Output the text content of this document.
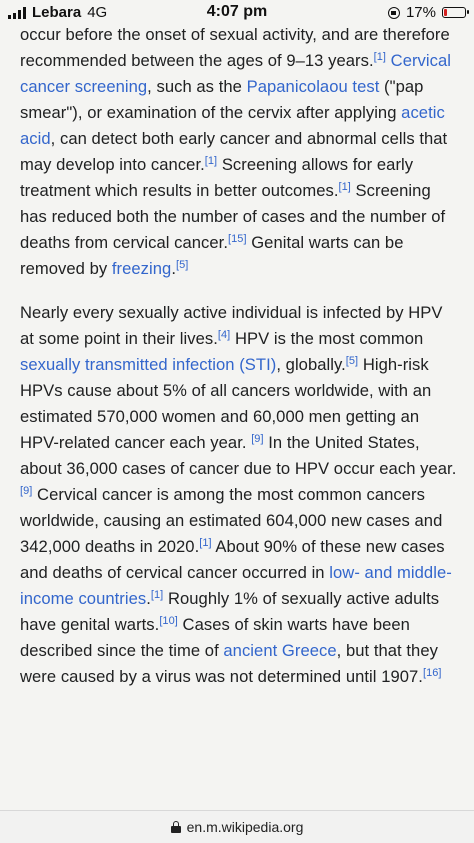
Lebara 4G	4:07 pm	17%

occur before the onset of sexual activity, and are therefore recommended between the ages of 9–13 years.[1] Cervical cancer screening, such as the Papanicolaou test ("pap smear"), or examination of the cervix after applying acetic acid, can detect both early cancer and abnormal cells that may develop into cancer.[1] Screening allows for early treatment which results in better outcomes.[1] Screening has reduced both the number of cases and the number of deaths from cervical cancer.[15] Genital warts can be removed by freezing.[5]

Nearly every sexually active individual is infected by HPV at some point in their lives.[4] HPV is the most common sexually transmitted infection (STI), globally.[5] High-risk HPVs cause about 5% of all cancers worldwide, with an estimated 570,000 women and 60,000 men getting an HPV-related cancer each year. [9] In the United States, about 36,000 cases of cancer due to HPV occur each year.[9] Cervical cancer is among the most common cancers worldwide, causing an estimated 604,000 new cases and 342,000 deaths in 2020.[1] About 90% of these new cases and deaths of cervical cancer occurred in low- and middle-income countries.[1] Roughly 1% of sexually active adults have genital warts.[10] Cases of skin warts have been described since the time of ancient Greece, but that they were caused by a virus was not determined until 1907.[16]

en.m.wikipedia.org
